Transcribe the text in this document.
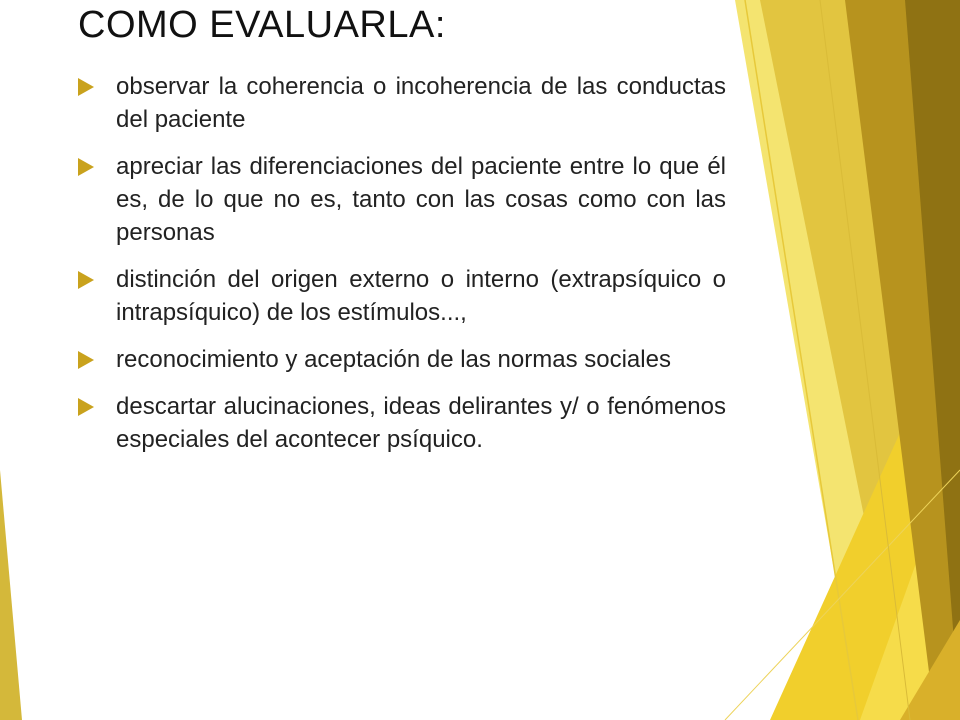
COMO EVALUARLA:
observar la coherencia o incoherencia de las conductas del paciente
apreciar las diferenciaciones del paciente entre lo que él es, de lo que no es, tanto con las cosas como con las personas
distinción del origen externo o interno (extrapsíquico o intrapsíquico) de los estímulos...,
reconocimiento y aceptación de las normas sociales
descartar alucinaciones, ideas delirantes y/ o fenómenos especiales del acontecer psíquico.
